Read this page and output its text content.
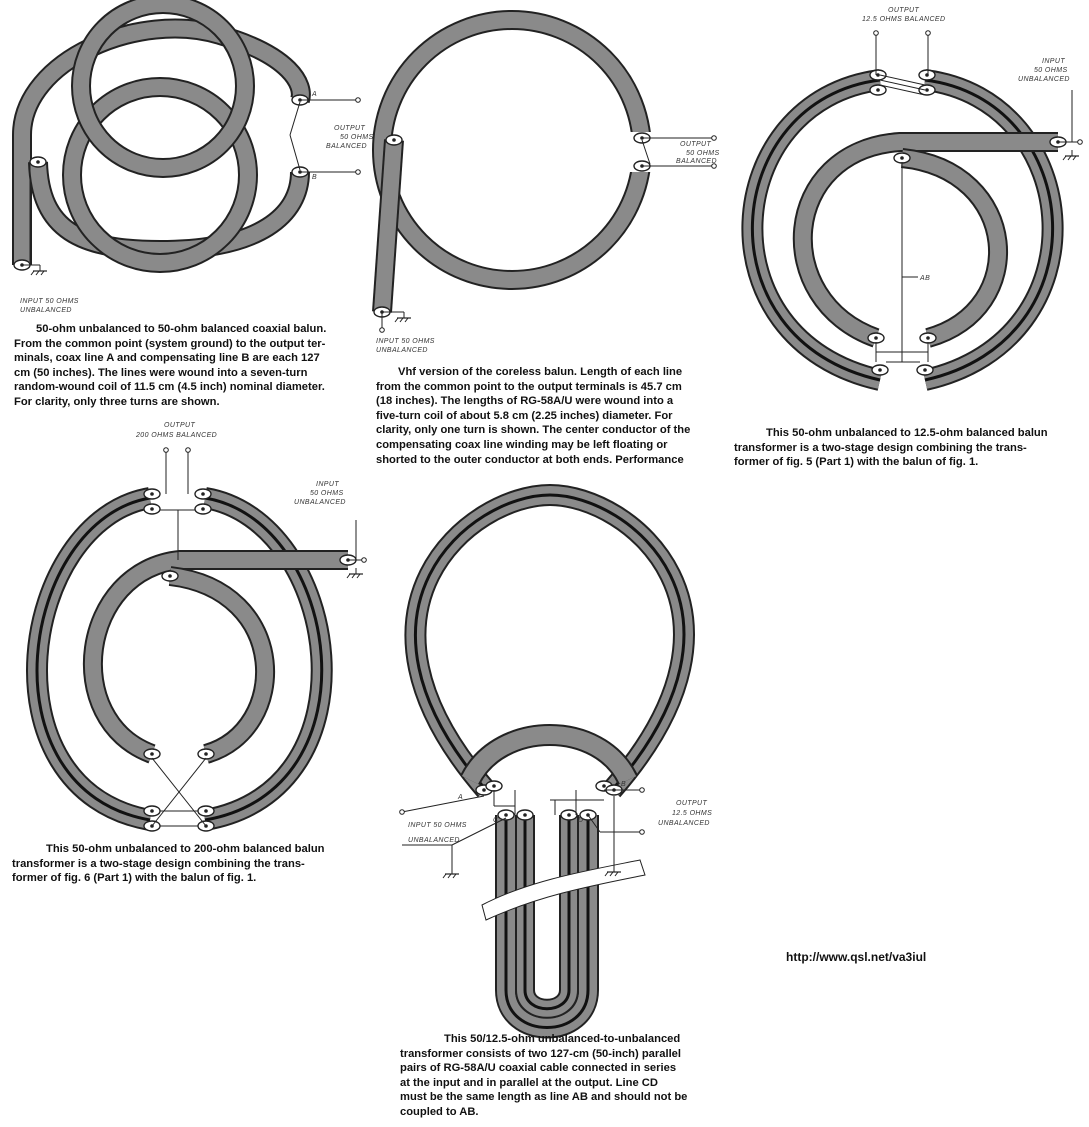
A
B
OUTPUT
50 OHMS
BALANCED
INPUT 50 OHMS
UNBALANCED
OUTPUT
50 OHMS
BALANCED
INPUT 50 OHMS
UNBALANCED
OUTPUT
12.5 OHMS BALANCED
INPUT
50 OHMS
UNBALANCED
AB
OUTPUT
200 OHMS BALANCED
INPUT
50 OHMS
UNBALANCED
A
B
C	D
INPUT 50 OHMS
UNBALANCED
OUTPUT
12.5 OHMS
UNBALANCED
50-ohm unbalanced to 50-ohm balanced coaxial balun.
From the common point (system ground) to the output ter-
minals, coax line A and compensating line B are each 127
cm (50 inches). The lines were wound into a seven-turn
random-wound coil of 11.5 cm (4.5 inch) nominal diameter.
For clarity, only three turns are shown.
Vhf version of the coreless balun. Length of each line
from the common point to the output terminals is 45.7 cm
(18 inches). The lengths of RG-58A/U were wound into a
five-turn coil of about 5.8 cm (2.25 inches) diameter. For
clarity, only one turn is shown. The center conductor of the
compensating coax line winding may be left floating or
shorted to the outer conductor at both ends. Performance
This 50-ohm unbalanced to 12.5-ohm balanced balun
transformer is a two-stage design combining the trans-
former of fig. 5 (Part 1) with the balun of fig. 1.
This 50-ohm unbalanced to 200-ohm balanced balun
transformer is a two-stage design combining the trans-
former of fig. 6 (Part 1) with the balun of fig. 1.
This 50/12.5-ohm unbalanced-to-unbalanced
transformer consists of two 127-cm (50-inch) parallel
pairs of RG-58A/U coaxial cable connected in series
at the input and in parallel at the output. Line CD
must be the same length as line AB and should not be
coupled to AB.
http://www.qsl.net/va3iul
